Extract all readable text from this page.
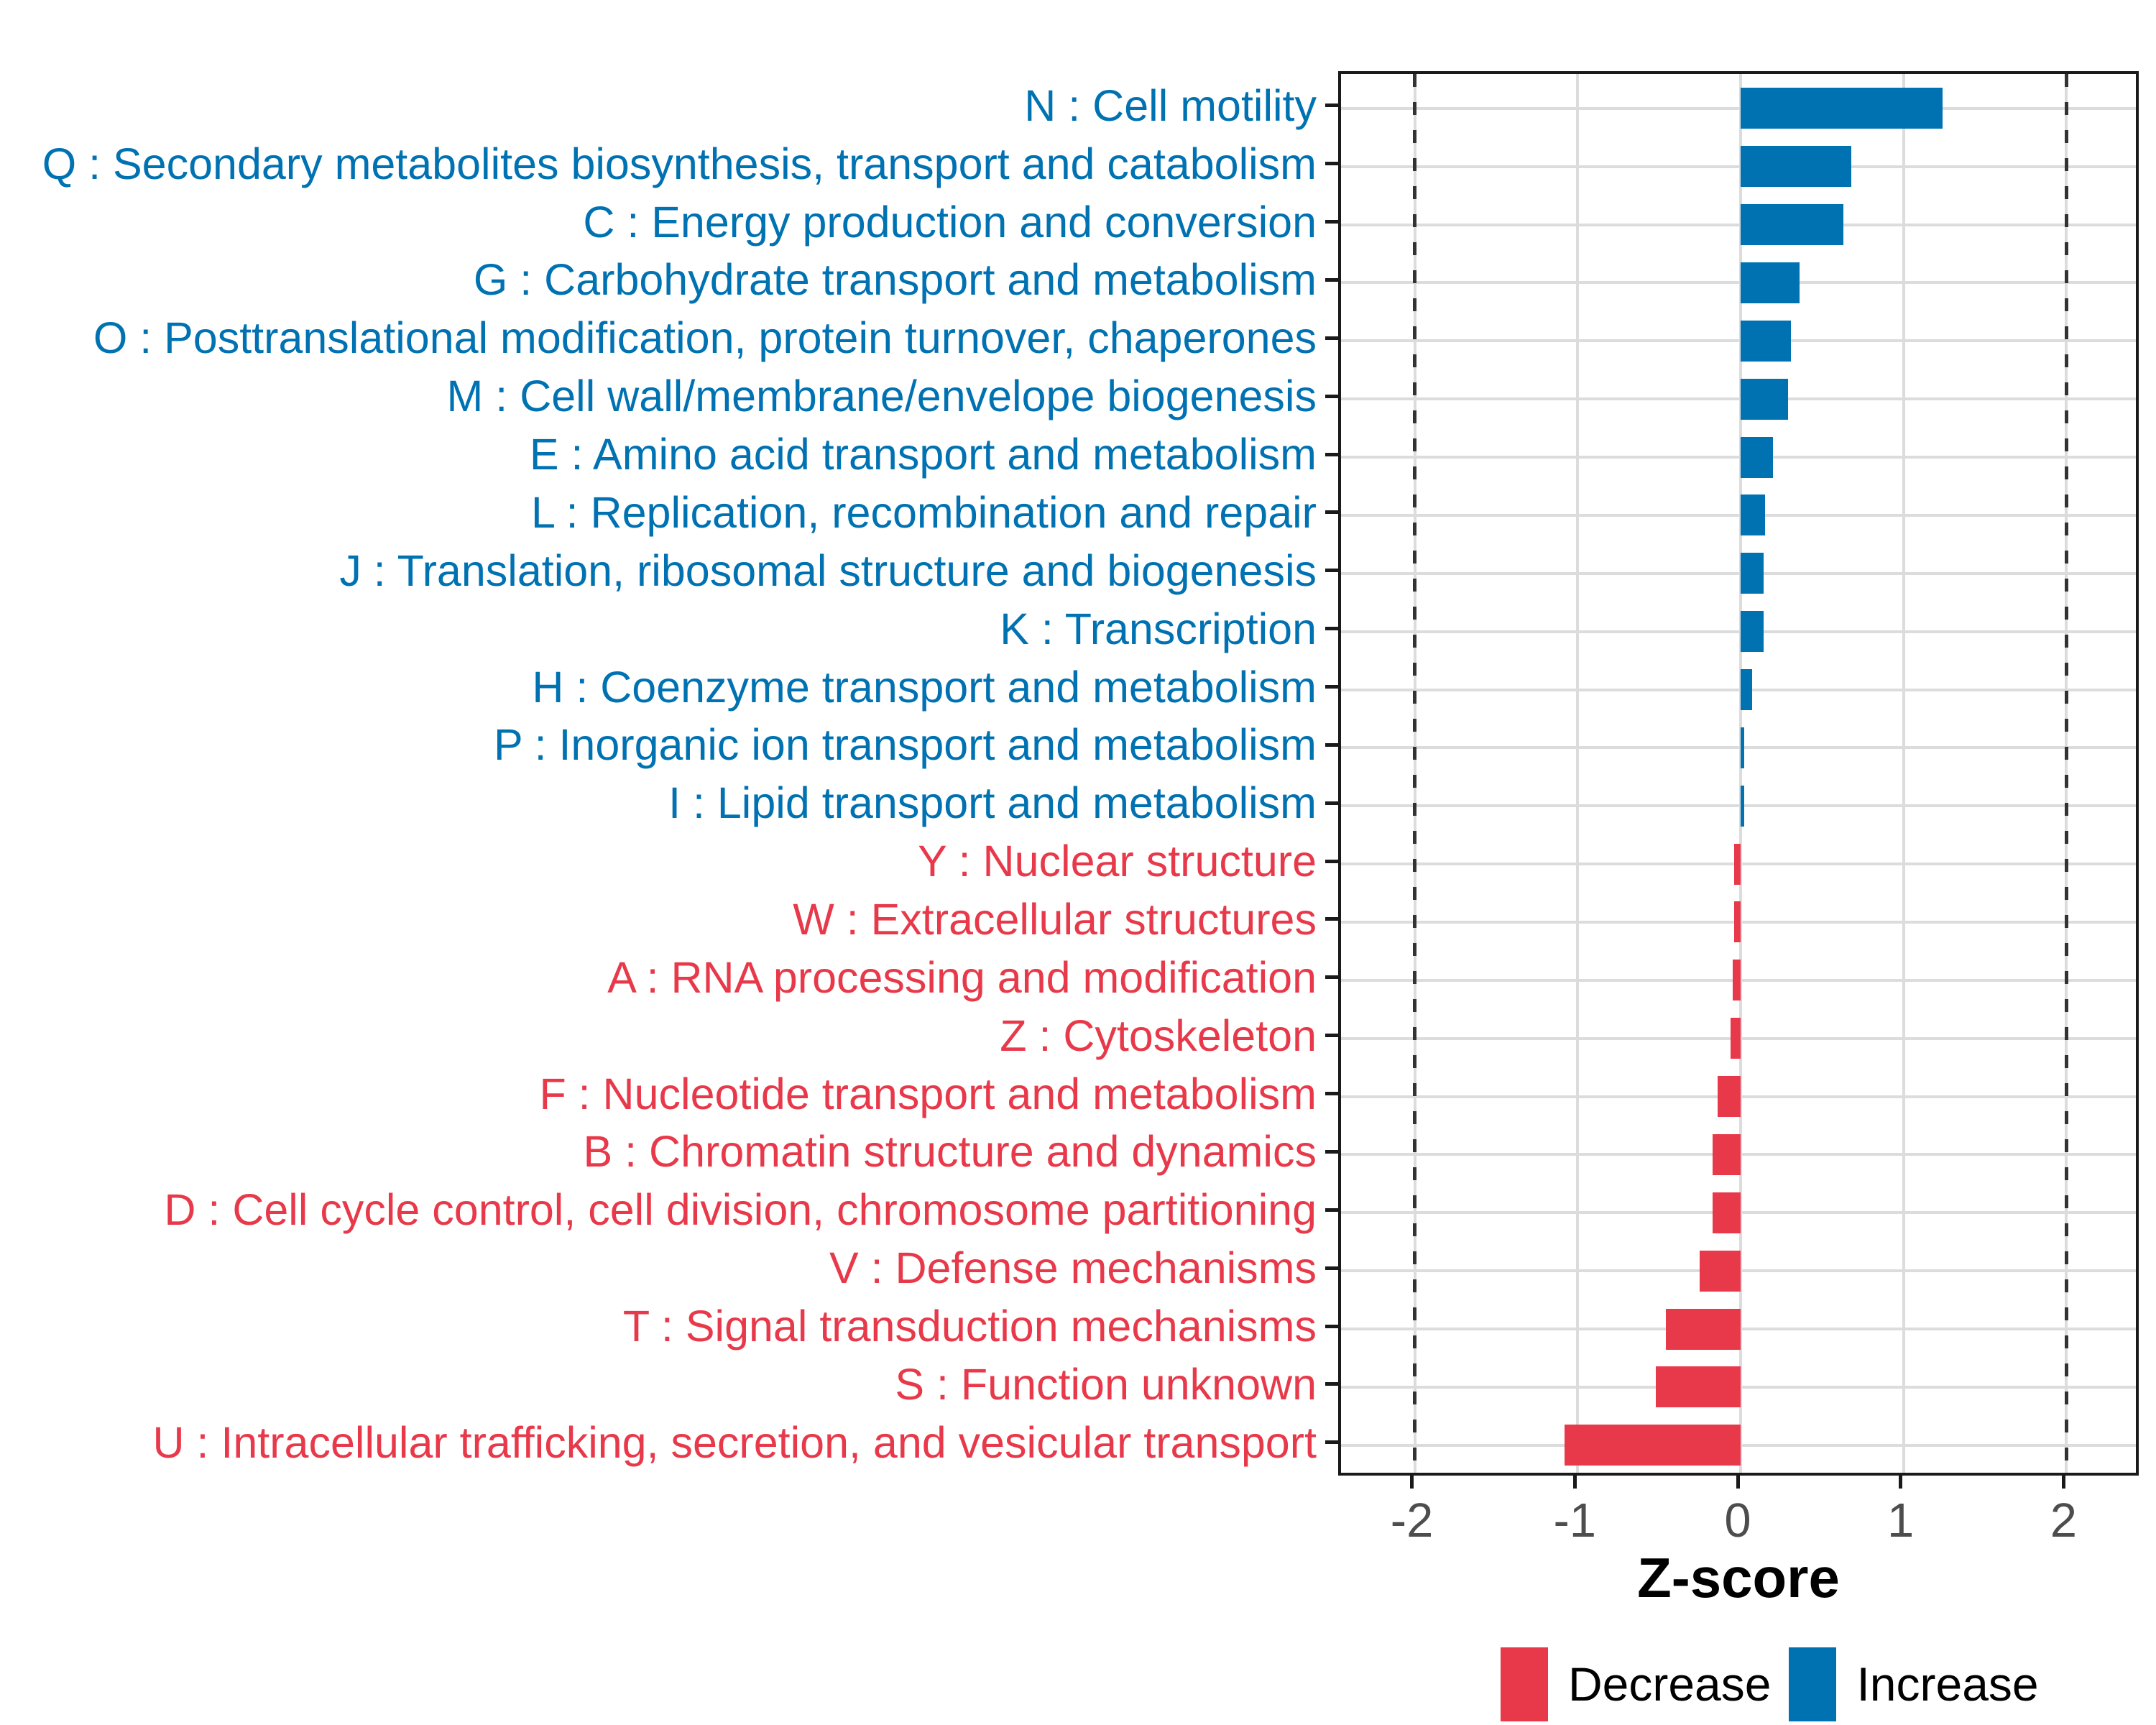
Z-score
Decrease Increase
N : Cell motility
Q : Secondary metabolites biosynthesis, transport and catabolism
C : Energy production and conversion
G : Carbohydrate transport and metabolism
O : Posttranslational modification, protein turnover, chaperones
M : Cell wall/membrane/envelope biogenesis
E : Amino acid transport and metabolism
L : Replication, recombination and repair
J : Translation, ribosomal structure and biogenesis
K : Transcription
H : Coenzyme transport and metabolism
P : Inorganic ion transport and metabolism
I : Lipid transport and metabolism
Y : Nuclear structure
W : Extracellular structures
A : RNA processing and modification
Z : Cytoskeleton
F : Nucleotide transport and metabolism
B : Chromatin structure and dynamics
D : Cell cycle control, cell division, chromosome partitioning
V : Defense mechanisms
T : Signal transduction mechanisms
S : Function unknown
U : Intracellular trafficking, secretion, and vesicular transport
-2	-1	0	1	2
